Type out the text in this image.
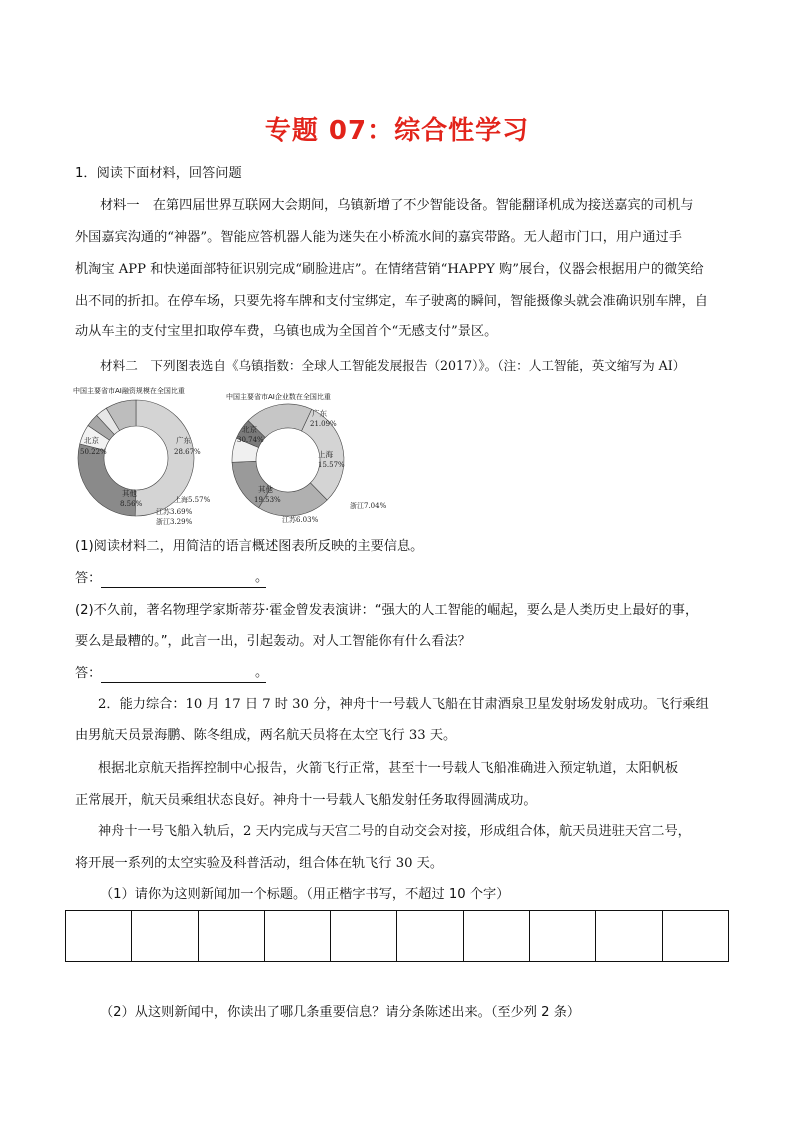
专题 07：综合性学习
1．阅读下面材料，回答问题
材料一　在第四届世界互联网大会期间，乌镇新增了不少智能设备。智能翻译机成为接送嘉宾的司机与
外国嘉宾沟通的“神器”。智能应答机器人能为迷失在小桥流水间的嘉宾带路。无人超市门口，用户通过手
机淘宝 APP 和快递面部特征识别完成“刷脸进店”。在情绪营销“HAPPY 购”展台，仪器会根据用户的微笑给
出不同的折扣。在停车场，只要先将车牌和支付宝绑定，车子驶离的瞬间，智能摄像头就会准确识别车牌，自
动从车主的支付宝里扣取停车费，乌镇也成为全国首个“无感支付”景区。
材料二　下列图表选自《乌镇指数：全球人工智能发展报告（2017）》。（注：人工智能，英文缩写为 AI）
中国主要省市AI融资规模在全国比重
中国主要省市AI企业数在全国比重
北京
50.22%
广东
28.67%
上海5.57%
江苏3.69%
浙江3.29%
其他
8.56%
北京
30.74%
广东
21.09%
上海
15.57%
浙江7.04%
江苏6.03%
其他
19.53%
(1)阅读材料二，用简洁的语言概述图表所反映的主要信息。
答：	。
(2)不久前，著名物理学家斯蒂芬·霍金曾发表演讲：“强大的人工智能的崛起，要么是人类历史上最好的事，
要么是最糟的。”，此言一出，引起轰动。对人工智能你有什么看法？
答：	。
2．能力综合：10 月 17 日 7 时 30 分，神舟十一号载人飞船在甘肃酒泉卫星发射场发射成功。飞行乘组
由男航天员景海鹏、陈冬组成，两名航天员将在太空飞行 33 天。
根据北京航天指挥控制中心报告，火箭飞行正常，甚至十一号载人飞船准确进入预定轨道，太阳帆板
正常展开，航天员乘组状态良好。神舟十一号载人飞船发射任务取得圆满成功。
神舟十一号飞船入轨后，2 天内完成与天宫二号的自动交会对接，形成组合体，航天员进驻天宫二号，
将开展一系列的太空实验及科普活动，组合体在轨飞行 30 天。
（1）请你为这则新闻加一个标题。（用正楷字书写，不超过 10 个字）
（2）从这则新闻中，你读出了哪几条重要信息？请分条陈述出来。（至少列 2 条）
